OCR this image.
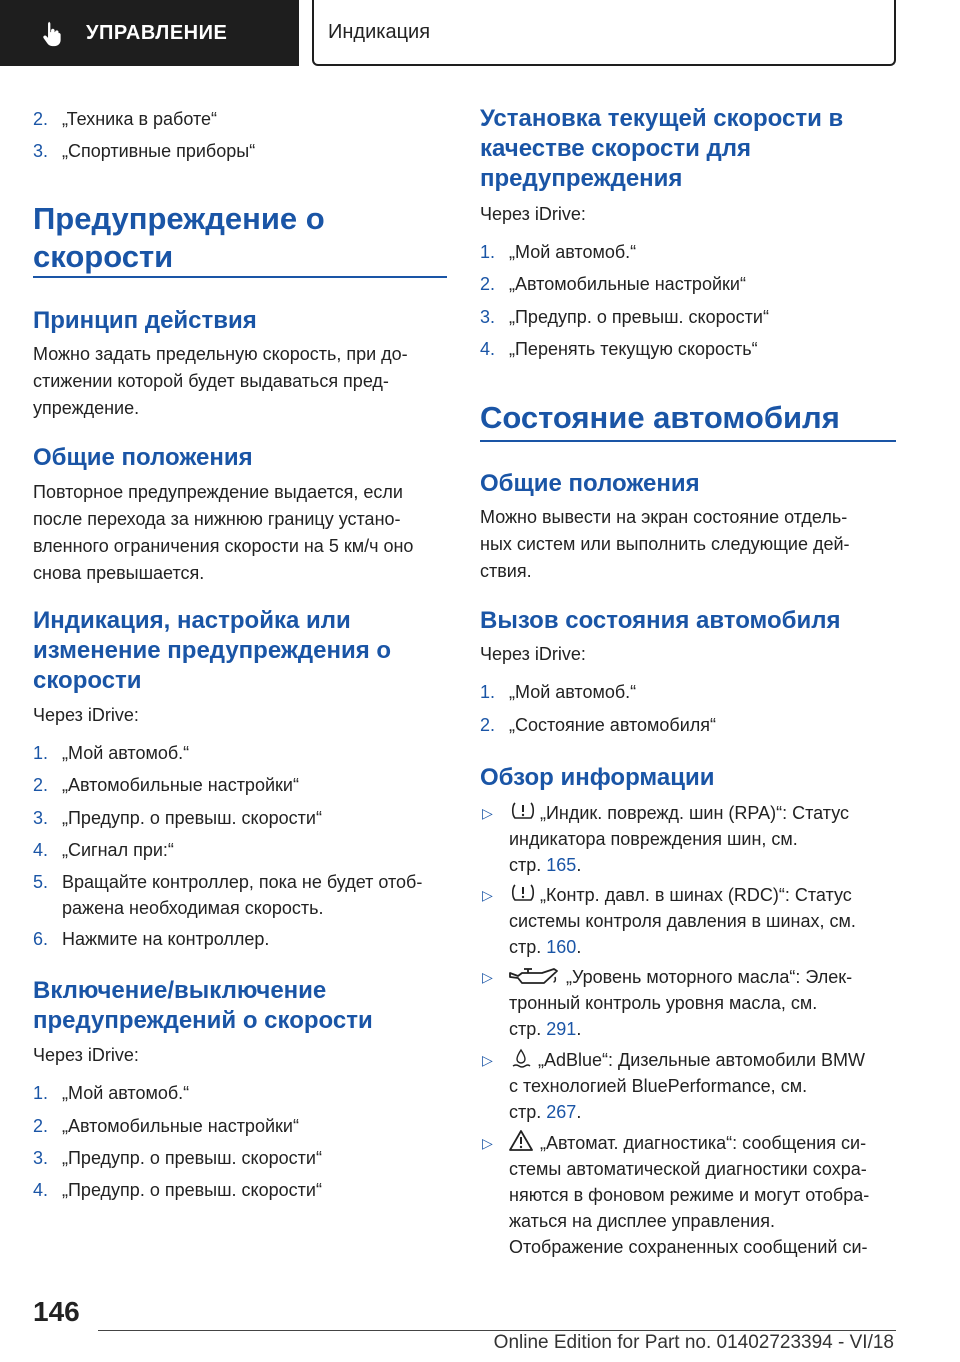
УПРАВЛЕНИЕ	Индикация
2. „Техника в работе“
3. „Спортивные приборы“
Предупреждение о
скорости
Принцип действия
Можно задать предельную скорость, при до-
стижении которой будет выдаваться пред-
упреждение.
Общие положения
Повторное предупреждение выдается, если
после перехода за нижнюю границу устано-
вленного ограничения скорости на 5 км/ч оно
снова превышается.
Индикация, настройка или
изменение предупреждения о
скорости
Через iDrive:
1. „Мой автомоб.“
2. „Автомобильные настройки“
3. „Предупр. о превыш. скорости“
4. „Сигнал при:“
5. Вращайте контроллер, пока не будет отоб-
ражена необходимая скорость.
6. Нажмите на контроллер.
Включение/выключение
предупреждений о скорости
Через iDrive:
1. „Мой автомоб.“
2. „Автомобильные настройки“
3. „Предупр. о превыш. скорости“
4. „Предупр. о превыш. скорости“
Установка текущей скорости в
качестве скорости для
предупреждения
Через iDrive:
1. „Мой автомоб.“
2. „Автомобильные настройки“
3. „Предупр. о превыш. скорости“
4. „Перенять текущую скорость“
Состояние автомобиля
Общие положения
Можно вывести на экран состояние отдель-
ных систем или выполнить следующие дей-
ствия.
Вызов состояния автомобиля
Через iDrive:
1. „Мой автомоб.“
2. „Состояние автомобиля“
Обзор информации
▷	„Индик. поврежд. шин (RPA)“: Статус
индикатора повреждения шин, см.
стр. 165.
▷	„Контр. давл. в шинах (RDC)“: Статус
системы контроля давления в шинах, см.
стр. 160.
▷	„Уровень моторного масла“: Элек-
тронный контроль уровня масла, см.
стр. 291.
▷	„AdBlue“: Дизельные автомобили BMW
с технологией BluePerformance, см.
стр. 267.
▷	„Автомат. диагностика“: сообщения си-
стемы автоматической диагностики сохра-
няются в фоновом режиме и могут отобра-
жаться на дисплее управления.
Отображение сохраненных сообщений си-
146
Online Edition for Part no. 01402723394 - VI/18
